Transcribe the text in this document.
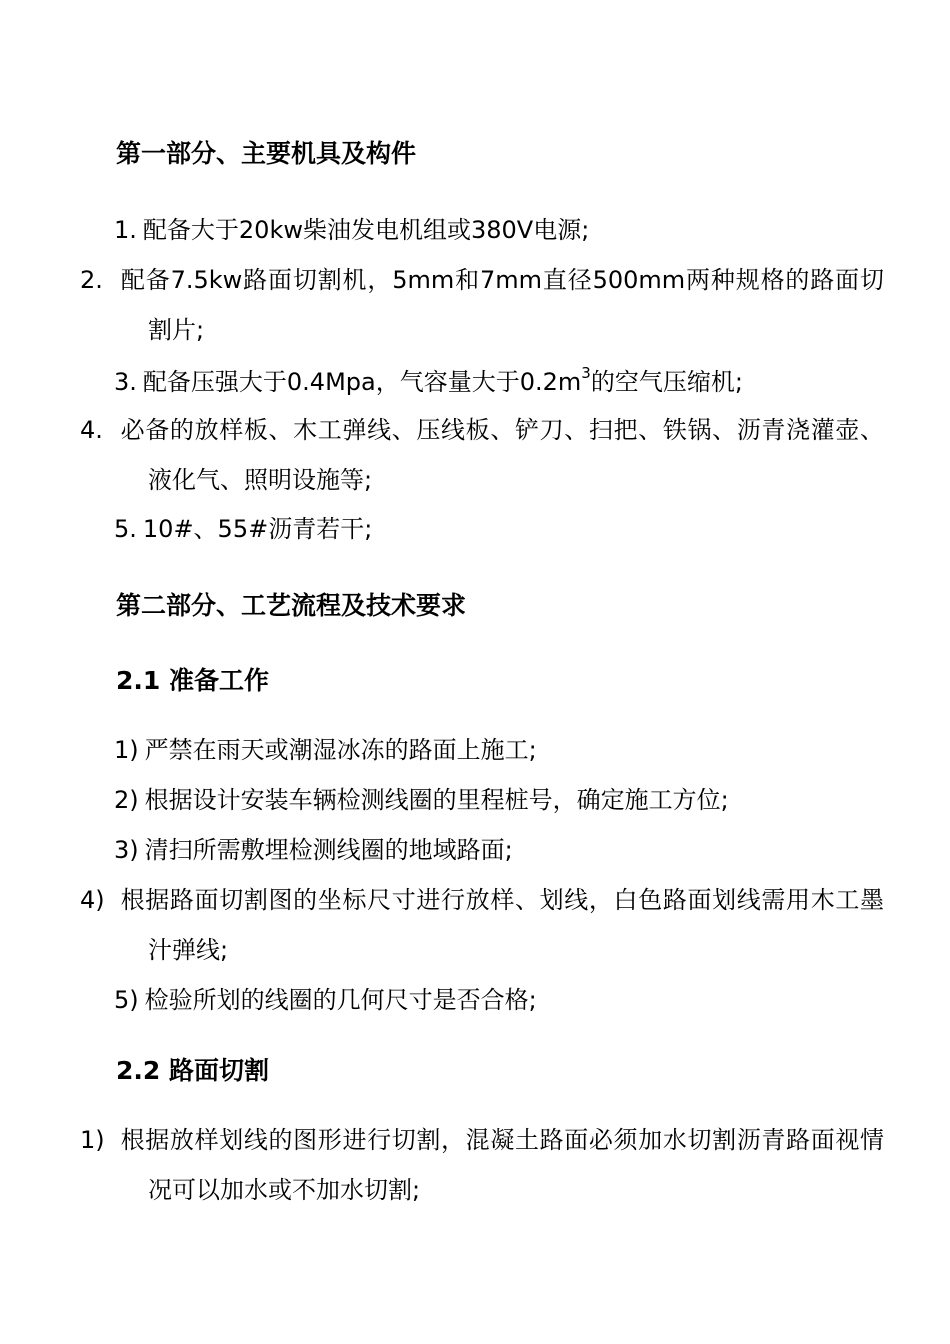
第一部分、主要机具及构件

1. 配备大于20kw柴油发电机组或380V电源;

2. 配备7.5kw路面切割机，5mm和7mm直径500mm两种规格的路面切割片;

3. 配备压强大于0.4Mpa，气容量大于$0.2m^3$的空气压缩机;

4. 必备的放样板、木工弹线、压线板、铲刀、扫把、铁锅、沥青浇灌壶、液化气、照明设施等;

5. 10#、55#沥青若干;

第二部分、工艺流程及技术要求
2.1 准备工作

1) 严禁在雨天或潮湿冰冻的路面上施工;

2) 根据设计安装车辆检测线圈的里程桩号，确定施工方位;

3) 清扫所需敷埋检测线圈的地域路面;

4) 根据路面切割图的坐标尺寸进行放样、划线，白色路面划线需用木工墨汁弹线;

5) 检验所划的线圈的几何尺寸是否合格;

2.2 路面切割

1) 根据放样划线的图形进行切割，混凝土路面必须加水切割沥青路面视情况可以加水或不加水切割;
